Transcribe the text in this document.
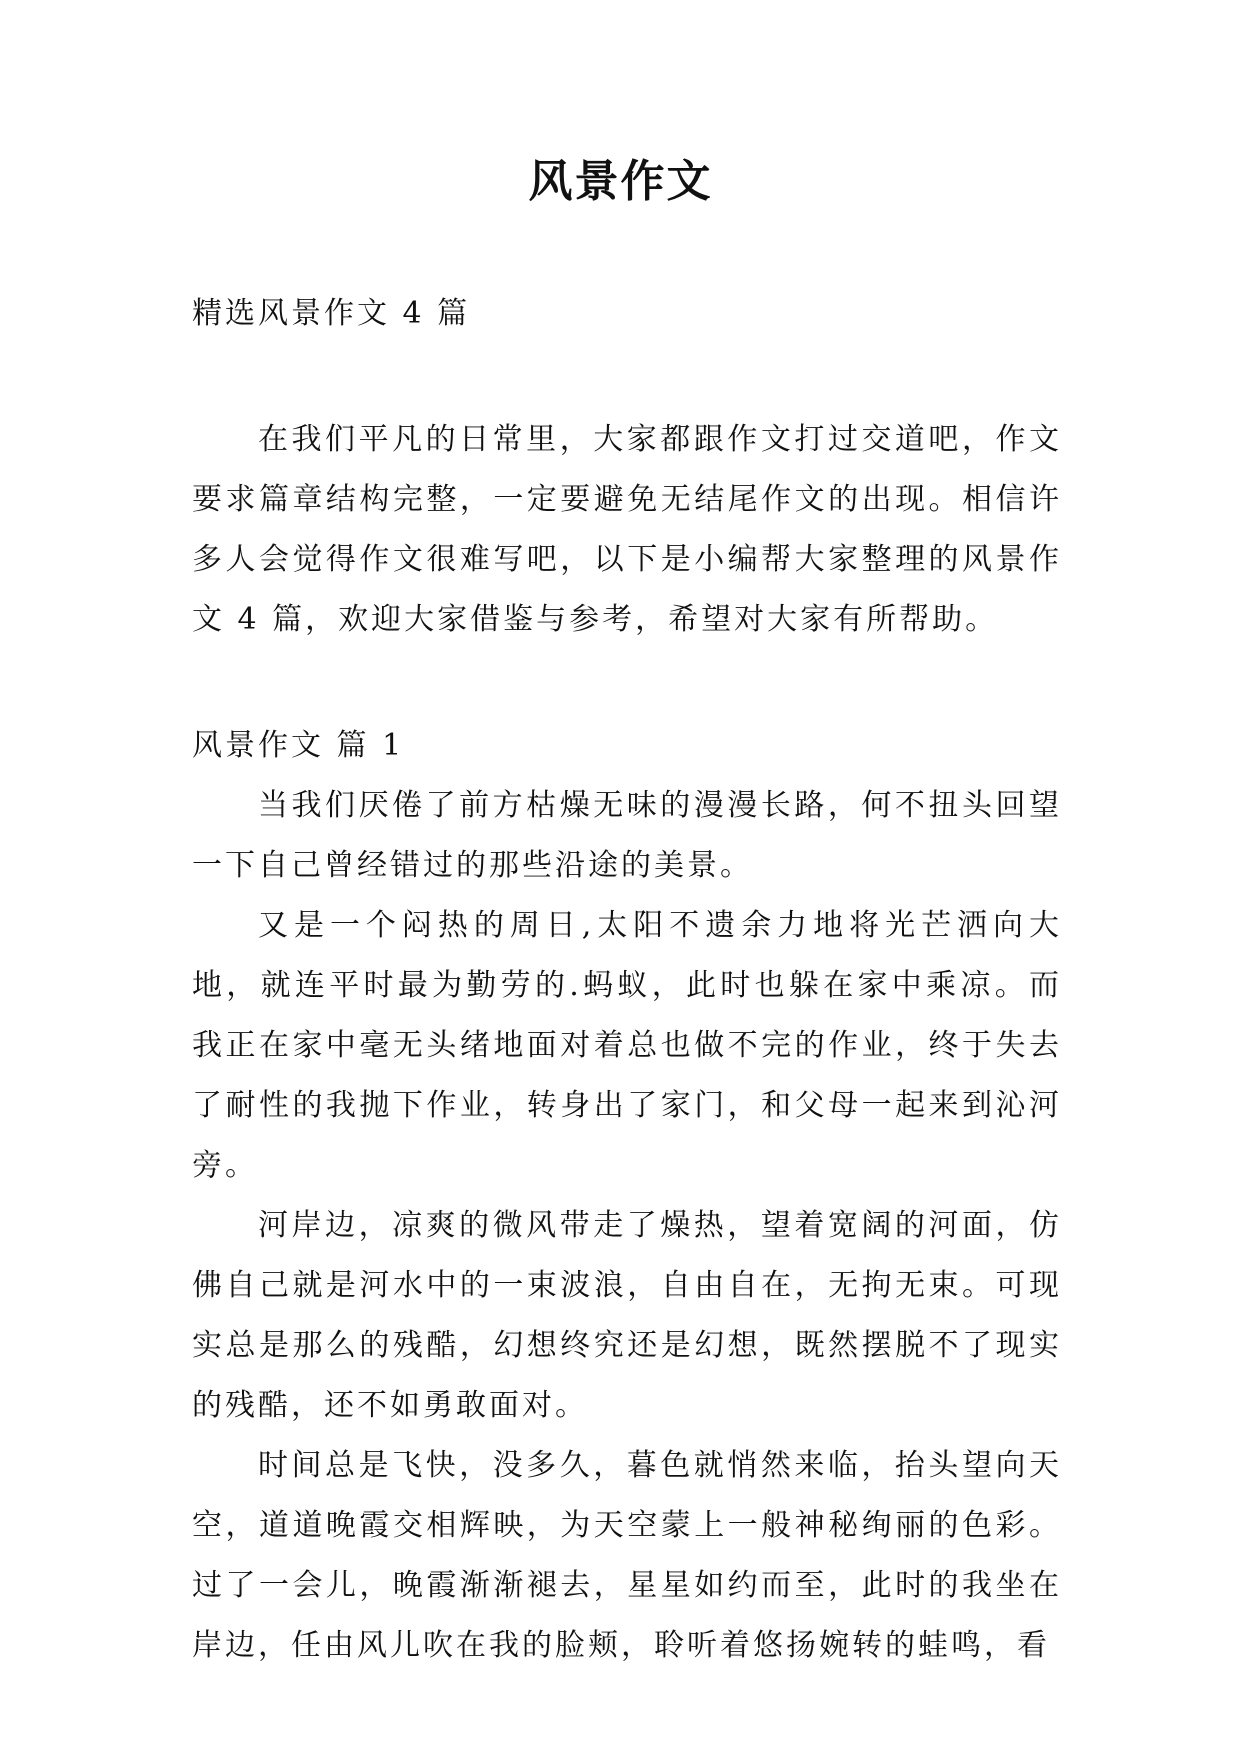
风景作文

精选风景作文 4 篇

在我们平凡的日常里，大家都跟作文打过交道吧，作文要求篇章结构完整，一定要避免无结尾作文的出现。相信许多人会觉得作文很难写吧，以下是小编帮大家整理的风景作文 4 篇，欢迎大家借鉴与参考，希望对大家有所帮助。

风景作文 篇 1

当我们厌倦了前方枯燥无味的漫漫长路，何不扭头回望一下自己曾经错过的那些沿途的美景。

又是一个闷热的周日,太阳不遗余力地将光芒洒向大地，就连平时最为勤劳的.蚂蚁，此时也躲在家中乘凉。而我正在家中毫无头绪地面对着总也做不完的作业，终于失去了耐性的我抛下作业，转身出了家门，和父母一起来到沁河旁。

河岸边，凉爽的微风带走了燥热，望着宽阔的河面，仿佛自己就是河水中的一束波浪，自由自在，无拘无束。可现实总是那么的残酷，幻想终究还是幻想，既然摆脱不了现实的残酷，还不如勇敢面对。

时间总是飞快，没多久，暮色就悄然来临，抬头望向天空，道道晚霞交相辉映，为天空蒙上一般神秘绚丽的色彩。过了一会儿，晚霞渐渐褪去，星星如约而至，此时的我坐在岸边，任由风儿吹在我的脸颊，聆听着悠扬婉转的蛙鸣，看
